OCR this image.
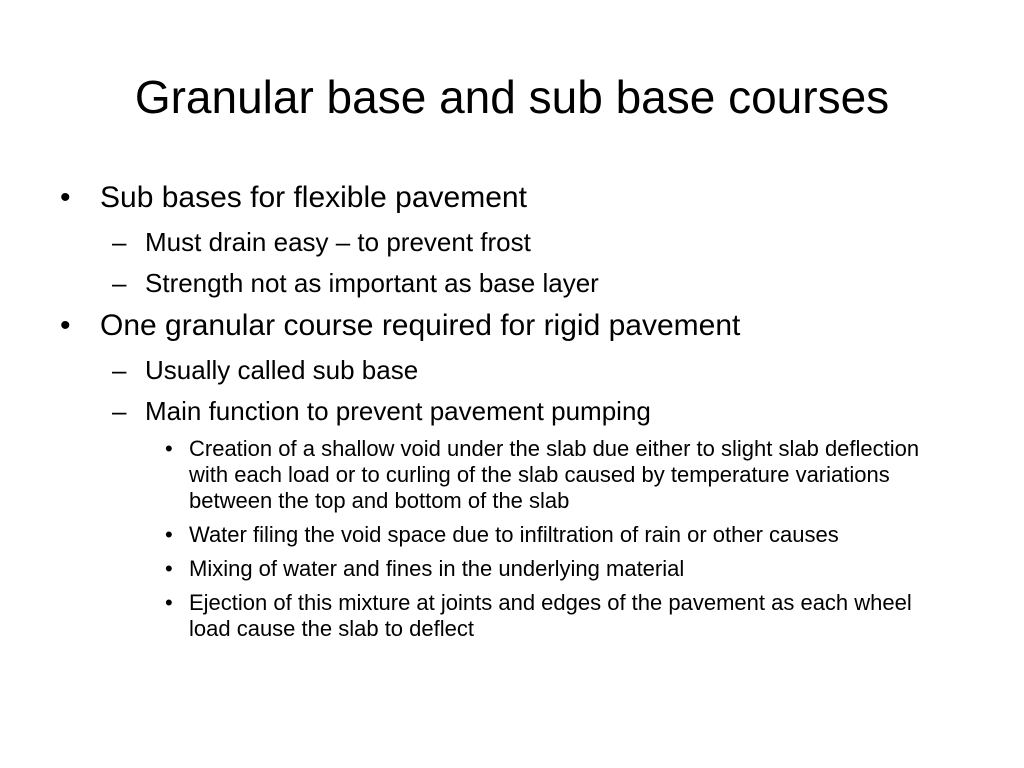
Granular base and sub base courses
• Sub bases for flexible pavement
– Must drain easy – to prevent frost
– Strength not as important as base layer
• One granular course required for rigid pavement
– Usually called sub base
– Main function to prevent pavement pumping
• Creation of a shallow void under the slab due either to slight slab deflection with each load or to curling of the slab caused by temperature variations between the top and bottom of the slab
• Water filing the void space due to infiltration of rain or other causes
• Mixing of water and fines in the underlying material
• Ejection of this mixture at joints and edges of the pavement as each wheel load cause the slab to deflect
